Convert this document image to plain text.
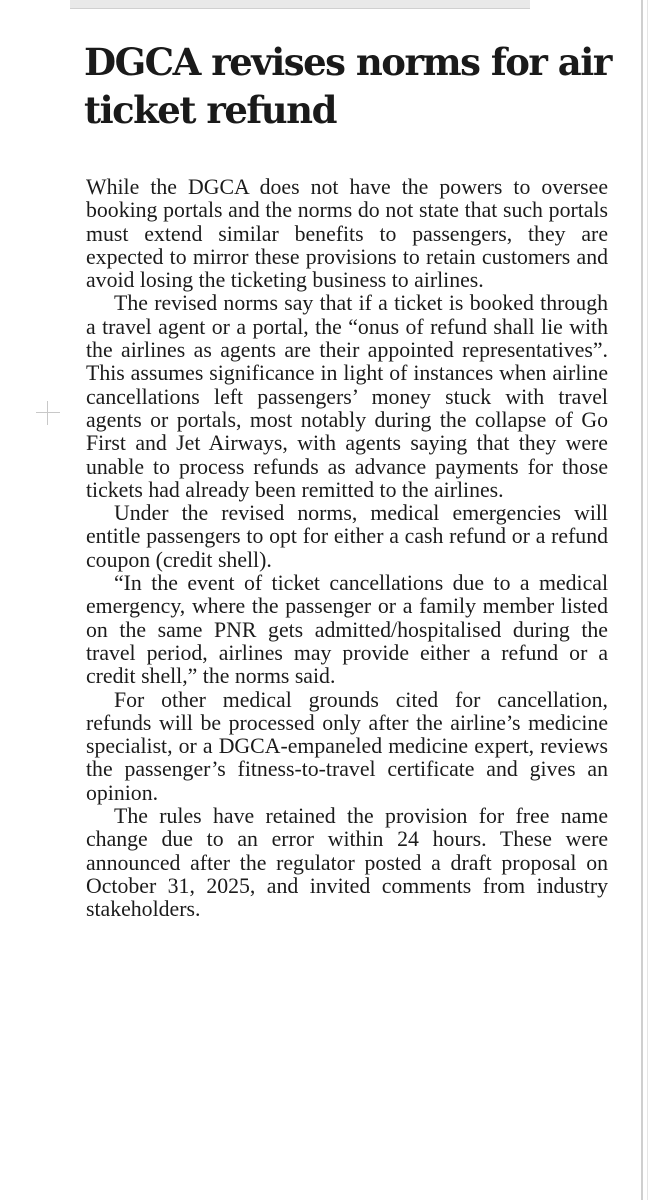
DGCA revises norms for air ticket refund

While the DGCA does not have the powers to oversee booking portals and the norms do not state that such portals must extend similar benefits to passengers, they are expected to mirror these provisions to retain customers and avoid losing the ticketing business to airlines.

The revised norms say that if a ticket is booked through a travel agent or a portal, the “onus of refund shall lie with the airlines as agents are their appointed representatives”. This assumes significance in light of instances when airline cancellations left passengers’ money stuck with travel agents or portals, most notably during the collapse of Go First and Jet Airways, with agents saying that they were unable to process refunds as advance payments for those tickets had already been remitted to the airlines.

Under the revised norms, medical emergencies will entitle passengers to opt for either a cash refund or a refund coupon (credit shell).

“In the event of ticket cancellations due to a medical emergency, where the passenger or a family member listed on the same PNR gets admitted/hospitalised during the travel period, airlines may provide either a refund or a credit shell,” the norms said.

For other medical grounds cited for cancellation, refunds will be processed only after the airline’s medicine specialist, or a DGCA-empaneled medicine expert, reviews the passenger’s fitness-to-travel certificate and gives an opinion.

The rules have retained the provision for free name change due to an error within 24 hours. These were announced after the regulator posted a draft proposal on October 31, 2025, and invited comments from industry stakeholders.
